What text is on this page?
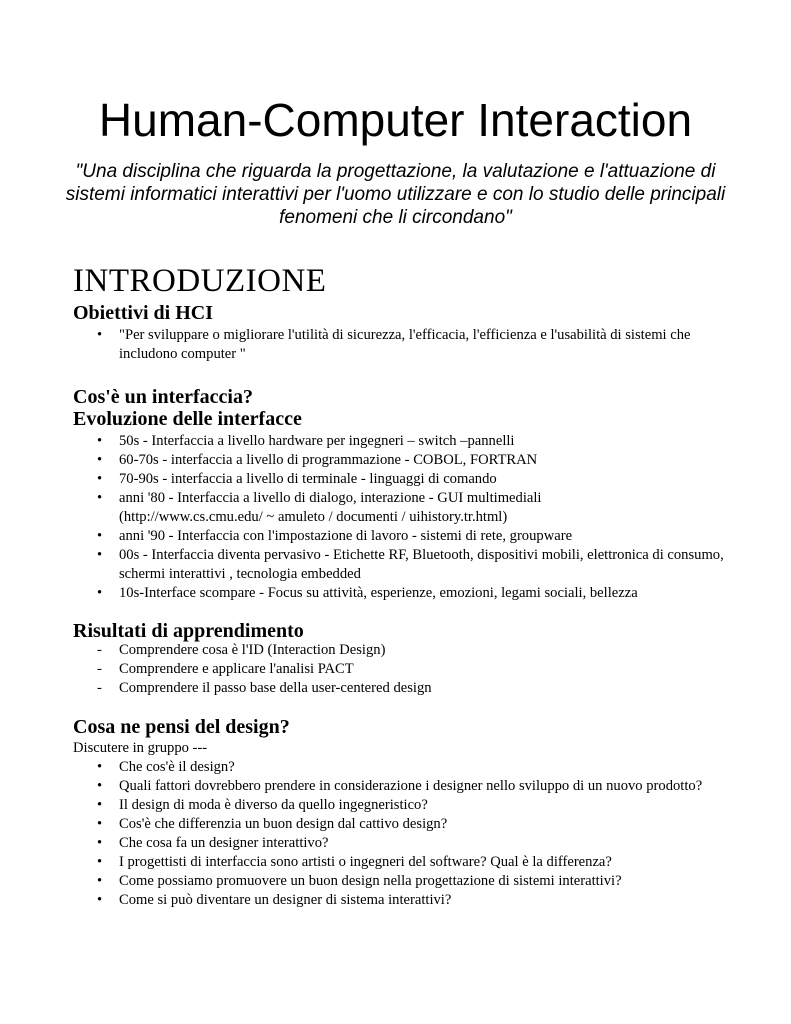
Human-Computer Interaction

"Una disciplina che riguarda la progettazione, la valutazione e l'attuazione di sistemi informatici interattivi per l'uomo utilizzare e con lo studio delle principali fenomeni che li circondano"

INTRODUZIONE
Obiettivi di HCI
•	"Per sviluppare o migliorare l'utilità di sicurezza, l'efficacia, l'efficienza e l'usabilità di sistemi che includono computer "
Cos'è un interfaccia?
Evoluzione delle interfacce
•	50s - Interfaccia a livello hardware per ingegneri – switch –pannelli
•	60-70s - interfaccia a livello di programmazione - COBOL, FORTRAN
•	70-90s - interfaccia a livello di terminale - linguaggi di comando
•	anni '80 - Interfaccia a livello di dialogo, interazione - GUI multimediali (http://www.cs.cmu.edu/ ~ amuleto / documenti / uihistory.tr.html)
•	anni '90 - Interfaccia con l'impostazione di lavoro - sistemi di rete, groupware
•	00s - Interfaccia diventa pervasivo - Etichette RF, Bluetooth, dispositivi mobili, elettronica di consumo, schermi interattivi , tecnologia embedded
•	10s-Interface scompare - Focus su attività, esperienze, emozioni, legami sociali, bellezza
Risultati di apprendimento
-	Comprendere cosa è l'ID (Interaction Design)
-	Comprendere e applicare l'analisi PACT
-	Comprendere il passo base della user-centered design
Cosa ne pensi del design?

Discutere in gruppo ---

•	Che cos'è il design?
•	Quali fattori dovrebbero prendere in considerazione i designer nello sviluppo di un nuovo prodotto?
•	Il design di moda è diverso da quello ingegneristico?
•	Cos'è che differenzia un buon design dal cattivo design?
•	Che cosa fa un designer interattivo?
•	I progettisti di interfaccia sono artisti o ingegneri del software? Qual è la differenza?
•	Come possiamo promuovere un buon design nella progettazione di sistemi interattivi?
•	Come si può diventare un designer di sistema interattivi?
